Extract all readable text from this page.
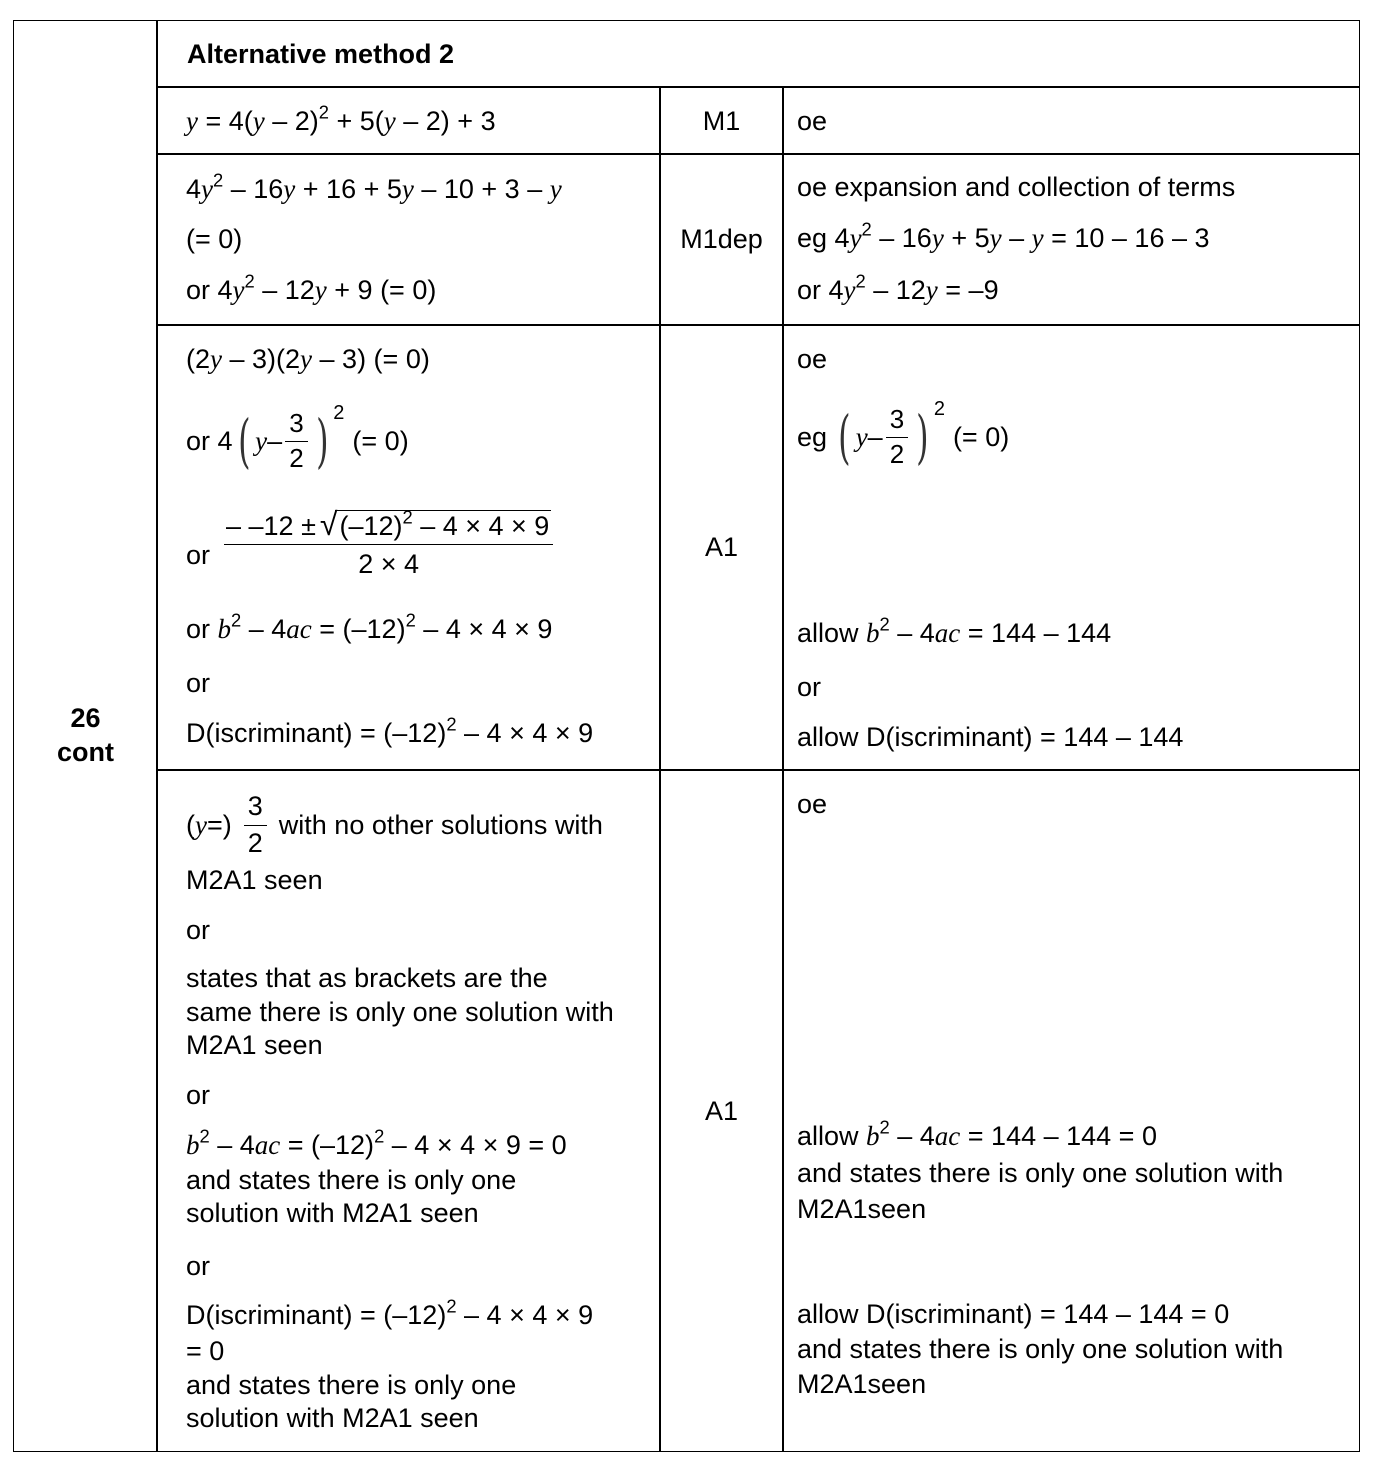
26
cont
Alternative method 2
y = 4(y – 2)$^2$ + 5(y – 2) + 3	M1	oe
$4y^2 - 16y + 16 + 5y - 10 + 3 - y$
(= 0)
or $4y^2 - 12y + 9$ (= 0)
M1dep
oe expansion and collection of terms
eg $4y^2 - 16y + 5y - y = 10 - 16 - 3$
or $4y^2 - 12y = -9$
(2y – 3)(2y – 3) (= 0)
or 4 ( y – $\frac{3}{2}$ ) 2
(= 0)
or
– –12 ± √ $(-12)^2 - 4 \times 4 \times 9$
2 × 4
or $b^2 - 4ac = (-12)^2 - 4 \times 4 \times 9$
or
D(iscriminant) = $(-12)^2 - 4 \times 4 \times 9$
A1
oe
eg ( y – $\frac{3}{2}$ ) 2
(= 0)
allow $b^2 - 4ac = 144 - 144$
or
allow D(iscriminant) = 144 – 144
( y =) $\frac{3}{2}$ with no other solutions with
M2A1 seen
or
states that as brackets are the
same there is only one solution with
M2A1 seen
or
$b^2 - 4ac = (-12)^2 - 4 \times 4 \times 9 = 0$
and states there is only one
solution with M2A1 seen
or
D(iscriminant) = $(-12)^2 - 4 \times 4 \times 9$
= 0
and states there is only one
solution with M2A1 seen
A1
oe
allow $b^2 - 4ac = 144 - 144 = 0$
and states there is only one solution with
M2A1seen
allow D(iscriminant) = 144 – 144 = 0
and states there is only one solution with
M2A1seen
